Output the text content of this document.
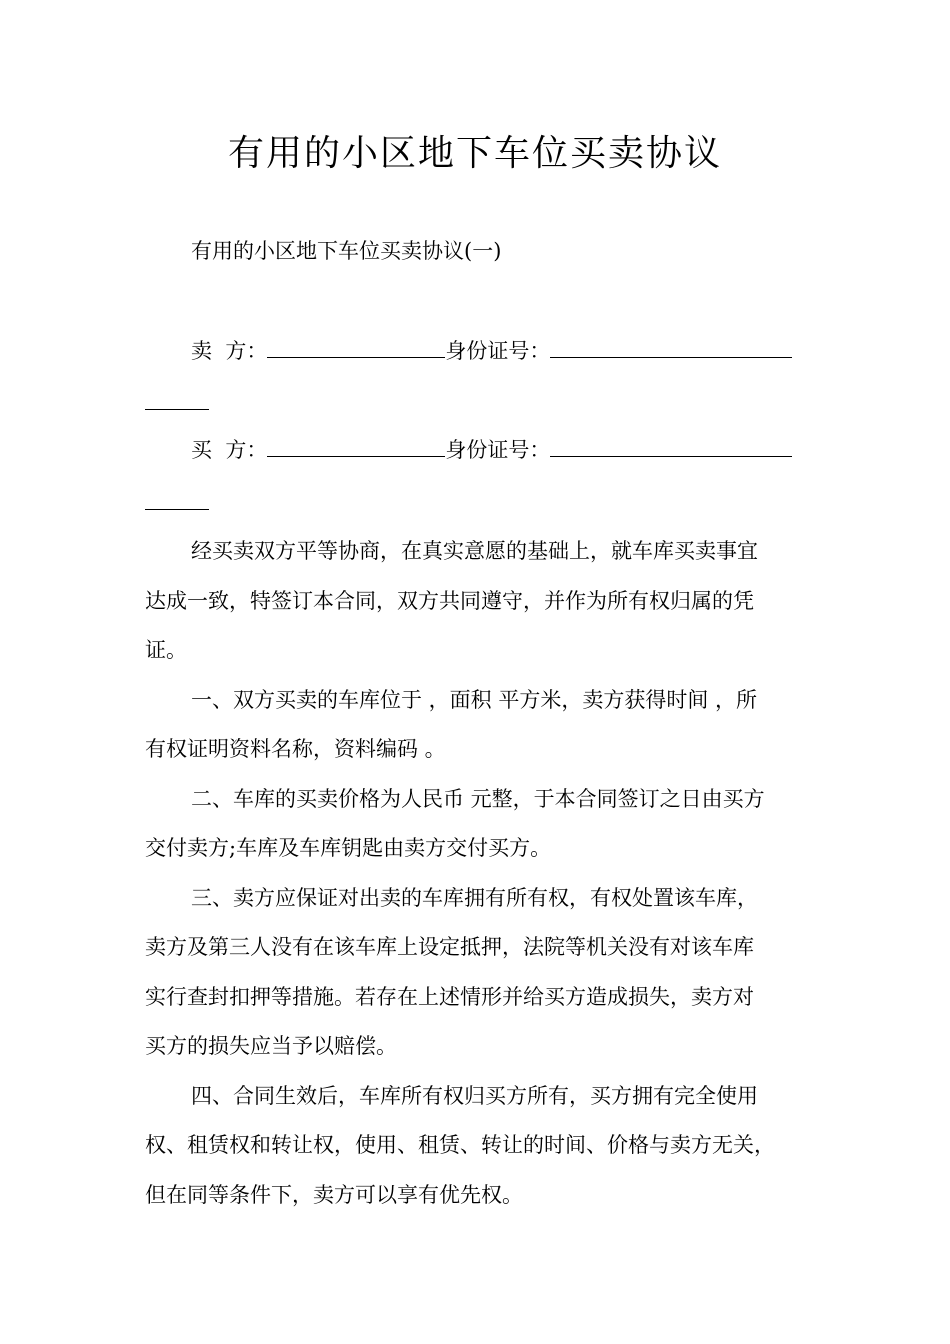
有用的小区地下车位买卖协议
有用的小区地下车位买卖协议(一)
卖  方：	身份证号：
买  方：	身份证号：
经买卖双方平等协商，在真实意愿的基础上，就车库买卖事宜
达成一致，特签订本合同，双方共同遵守，并作为所有权归属的凭
证。
一、双方买卖的车库位于 ，面积 平方米，卖方获得时间 ，所
有权证明资料名称，资料编码 。
二、车库的买卖价格为人民币 元整，于本合同签订之日由买方
交付卖方;车库及车库钥匙由卖方交付买方。
三、卖方应保证对出卖的车库拥有所有权，有权处置该车库，
卖方及第三人没有在该车库上设定抵押，法院等机关没有对该车库
实行查封扣押等措施。若存在上述情形并给买方造成损失，卖方对
买方的损失应当予以赔偿。
四、合同生效后，车库所有权归买方所有，买方拥有完全使用
权、租赁权和转让权，使用、租赁、转让的时间、价格与卖方无关，
但在同等条件下，卖方可以享有优先权。
